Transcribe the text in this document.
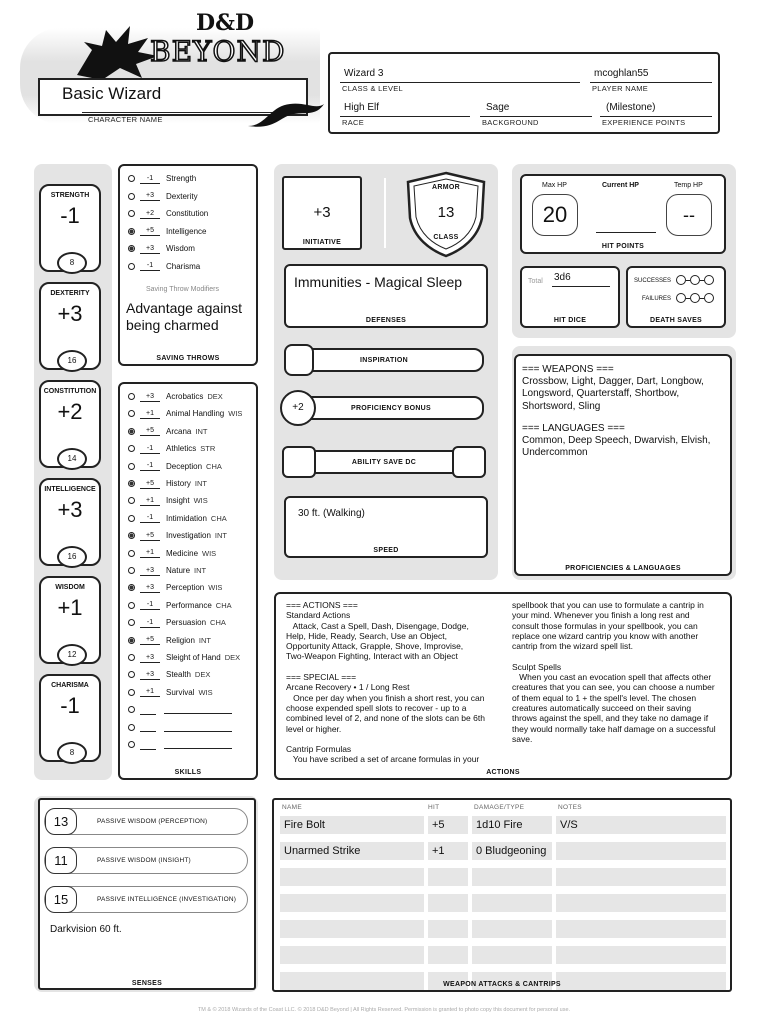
D&D
BEYOND
Basic Wizard
CHARACTER NAME
Wizard 3
CLASS & LEVEL
mcoghlan55
PLAYER NAME
High Elf
RACE
Sage
BACKGROUND
(Milestone)
EXPERIENCE POINTS
STRENGTH
-1
8
DEXTERITY
+3
16
CONSTITUTION
+2
14
INTELLIGENCE
+3
16
WISDOM
+1
12
CHARISMA
-1
8
-1	Strength
+3	Dexterity
+2	Constitution
+5	Intelligence
+3	Wisdom
-1	Charisma
Saving Throw Modifiers
Advantage against being charmed
SAVING THROWS
+3	Acrobatics DEX
+1	Animal Handling WIS
+5	Arcana INT
-1	Athletics STR
-1	Deception CHA
+5	History INT
+1	Insight WIS
-1	Intimidation CHA
+5	Investigation INT
+1	Medicine WIS
+3	Nature INT
+3	Perception WIS
-1	Performance CHA
-1	Persuasion CHA
+5	Religion INT
+3	Sleight of Hand DEX
+3	Stealth DEX
+1	Survival WIS

SKILLS
+3
INITIATIVE
ARMOR
13
CLASS
Immunities - Magical Sleep
DEFENSES
INSPIRATION
+2	PROFICIENCY BONUS
ABILITY SAVE DC
30 ft. (Walking)
SPEED
Max HP
20
Current HP	Temp HP
--
HIT POINTS
Total 3d6
HIT DICE
SUCCESSES
FAILURES
DEATH SAVES
=== WEAPONS ===
Crossbow, Light, Dagger, Dart, Longbow,
Longsword, Quarterstaff, Shortbow,
Shortsword, Sling
=== LANGUAGES ===
Common, Deep Speech, Dwarvish, Elvish,
Undercommon
PROFICIENCIES & LANGUAGES
=== ACTIONS ===
Standard Actions
Attack, Cast a Spell, Dash, Disengage, Dodge,
Help, Hide, Ready, Search, Use an Object,
Opportunity Attack, Grapple, Shove, Improvise,
Two-Weapon Fighting, Interact with an Object
=== SPECIAL ===
Arcane Recovery • 1 / Long Rest
Once per day when you finish a short rest, you can
choose expended spell slots to recover - up to a
combined level of 2, and none of the slots can be 6th
level or higher.
Cantrip Formulas
You have scribed a set of arcane formulas in your
spellbook that you can use to formulate a cantrip in
your mind. Whenever you finish a long rest and
consult those formulas in your spellbook, you can
replace one wizard cantrip you know with another
cantrip from the wizard spell list.
Sculpt Spells
When you cast an evocation spell that affects other
creatures that you can see, you can choose a number
of them equal to 1 + the spell's level. The chosen
creatures automatically succeed on their saving
throws against the spell, and they take no damage if
they would normally take half damage on a successful
save.
ACTIONS
13	PASSIVE WISDOM (PERCEPTION)
11	PASSIVE WISDOM (INSIGHT)
15	PASSIVE INTELLIGENCE (INVESTIGATION)
Darkvision 60 ft.
SENSES
NAME	HIT	DAMAGE/TYPE	NOTES
Fire Bolt	+5	1d10 Fire	V/S
Unarmed Strike	+1	0 Bludgeoning
WEAPON ATTACKS & CANTRIPS
TM & © 2018 Wizards of the Coast LLC. © 2018 D&D Beyond | All Rights Reserved. Permission is granted to photo copy this document for personal use.
